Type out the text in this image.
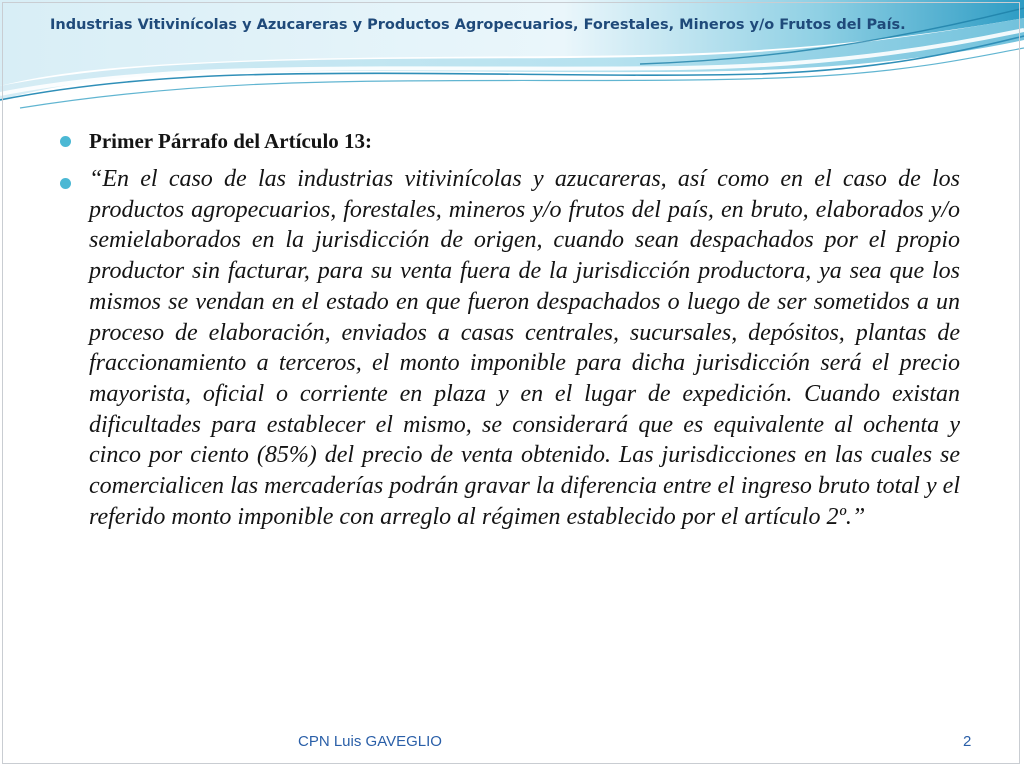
Industrias Vitivinícolas y Azucareras y Productos Agropecuarios, Forestales, Mineros y/o Frutos del País.
Primer Párrafo del Artículo 13:

“En el caso de las industrias vitivinícolas y azucareras, así como en el caso de los productos agropecuarios, forestales, mineros y/o frutos del país, en bruto, elaborados y/o semielaborados en la jurisdicción de origen, cuando sean despachados por el propio productor sin facturar, para su venta fuera de la jurisdicción productora, ya sea que los mismos se vendan en el estado en que fueron despachados o luego de ser sometidos a un proceso de elaboración, enviados a casas centrales, sucursales, depósitos, plantas de fraccionamiento a terceros, el monto imponible para dicha jurisdicción será el precio mayorista, oficial o corriente en plaza y en el lugar de expedición. Cuando existan dificultades para establecer el mismo, se considerará que es equivalente al ochenta y cinco por ciento (85%) del precio de venta obtenido. Las jurisdicciones en las cuales se comercialicen las mercaderías podrán gravar la diferencia entre el ingreso bruto total y el referido monto imponible con arreglo al régimen establecido por el artículo 2º.”

CPN Luis GAVEGLIO	2
